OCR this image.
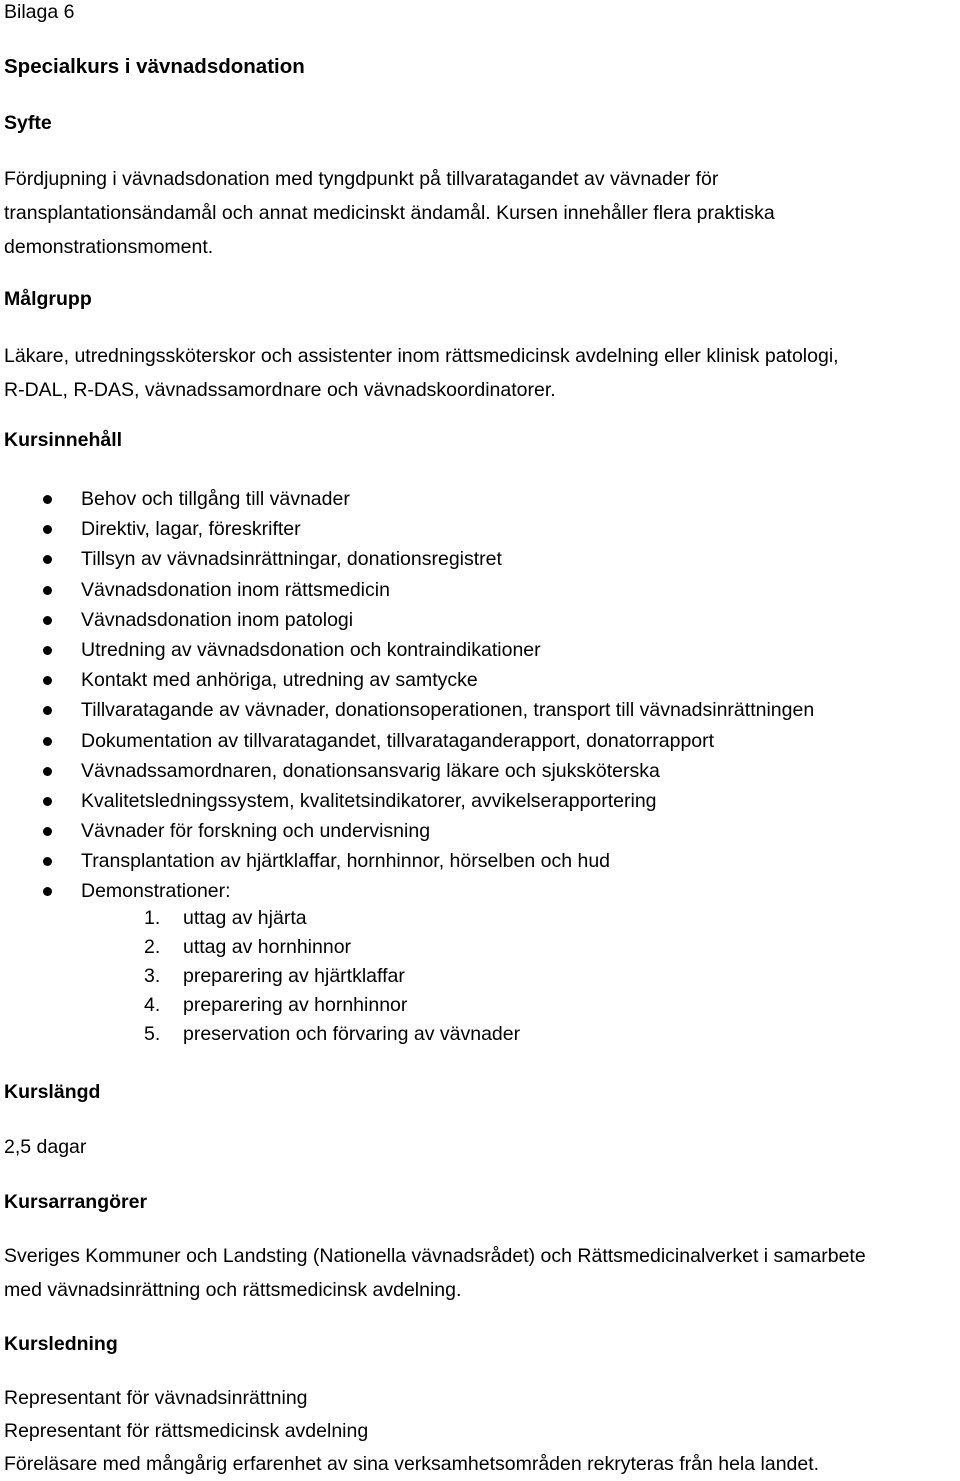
Bilaga 6
Specialkurs i vävnadsdonation
Syfte
Fördjupning i vävnadsdonation med tyngdpunkt på tillvaratagandet av vävnader för
transplantationsändamål och annat medicinskt ändamål. Kursen innehåller flera praktiska
demonstrationsmoment.
Målgrupp
Läkare, utredningssköterskor och assistenter inom rättsmedicinsk avdelning eller klinisk patologi,
R-DAL, R-DAS, vävnadssamordnare och vävnadskoordinatorer.
Kursinnehåll
Behov och tillgång till vävnader
Direktiv, lagar, föreskrifter
Tillsyn av vävnadsinrättningar, donationsregistret
Vävnadsdonation inom rättsmedicin
Vävnadsdonation inom patologi
Utredning av vävnadsdonation och kontraindikationer
Kontakt med anhöriga, utredning av samtycke
Tillvaratagande av vävnader, donationsoperationen, transport till vävnadsinrättningen
Dokumentation av tillvaratagandet, tillvarataganderapport, donatorrapport
Vävnadssamordnaren, donationsansvarig läkare och sjuksköterska
Kvalitetsledningssystem, kvalitetsindikatorer, avvikelserapportering
Vävnader för forskning och undervisning
Transplantation av hjärtklaffar, hornhinnor, hörselben och hud
Demonstrationer:
1. uttag av hjärta
2. uttag av hornhinnor
3. preparering av hjärtklaffar
4. preparering av hornhinnor
5. preservation och förvaring av vävnader
Kurslängd
2,5 dagar
Kursarrangörer
Sveriges Kommuner och Landsting (Nationella vävnadsrådet) och Rättsmedicinalverket i samarbete
med vävnadsinrättning och rättsmedicinsk avdelning.
Kursledning
Representant för vävnadsinrättning
Representant för rättsmedicinsk avdelning
Föreläsare med mångårig erfarenhet av sina verksamhetsområden rekryteras från hela landet.
